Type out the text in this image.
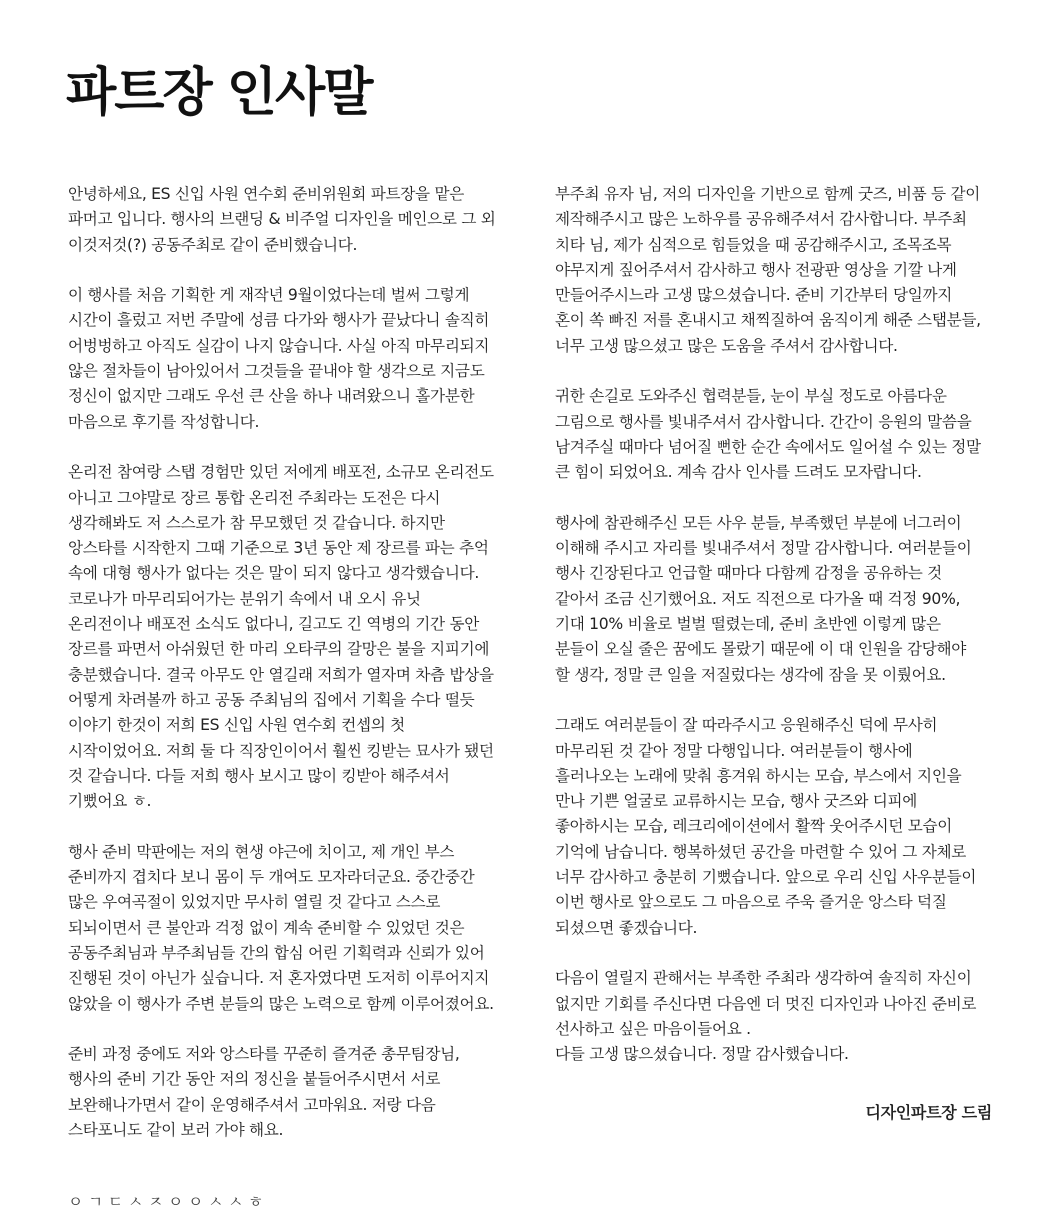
파트장 인사말
안녕하세요, ES 신입 사원 연수회 준비위원회 파트장을 맡은
파머고 입니다. 행사의 브랜딩 & 비주얼 디자인을 메인으로 그 외
이것저것(?) 공동주최로 같이 준비했습니다.
이 행사를 처음 기획한 게 재작년 9월이었다는데 벌써 그렇게
시간이 흘렀고 저번 주말에 성큼 다가와 행사가 끝났다니 솔직히
어벙벙하고 아직도 실감이 나지 않습니다. 사실 아직 마무리되지
않은 절차들이 남아있어서 그것들을 끝내야 할 생각으로 지금도
정신이 없지만 그래도 우선 큰 산을 하나 내려왔으니 홀가분한
마음으로 후기를 작성합니다.
온리전 참여랑 스탭 경험만 있던 저에게 배포전, 소규모 온리전도
아니고 그야말로 장르 통합 온리전 주최라는 도전은 다시
생각해봐도 저 스스로가 참 무모했던 것 같습니다. 하지만
앙스타를 시작한지 그때 기준으로 3년 동안 제 장르를 파는 추억
속에 대형 행사가 없다는 것은 말이 되지 않다고 생각했습니다.
코로나가 마무리되어가는 분위기 속에서 내 오시 유닛
온리전이나 배포전 소식도 없다니, 길고도 긴 역병의 기간 동안
장르를 파면서 아쉬웠던 한 마리 오타쿠의 갈망은 불을 지피기에
충분했습니다. 결국 아무도 안 열길래 저희가 열자며 차츰 밥상을
어떻게 차려볼까 하고 공동 주최님의 집에서 기획을 수다 떨듯
이야기 한것이 저희 ES 신입 사원 연수회 컨셉의 첫
시작이었어요. 저희 둘 다 직장인이어서 훨씬 킹받는 묘사가 됐던
것 같습니다. 다들 저희 행사 보시고 많이 킹받아 해주셔서
기뻤어요 ㅎ.
행사 준비 막판에는 저의 현생 야근에 치이고, 제 개인 부스
준비까지 겹치다 보니 몸이 두 개여도 모자라더군요. 중간중간
많은 우여곡절이 있었지만 무사히 열릴 것 같다고 스스로
되뇌이면서 큰 불안과 걱정 없이 계속 준비할 수 있었던 것은
공동주최님과 부주최님들 간의 합심 어린 기획력과 신뢰가 있어
진행된 것이 아닌가 싶습니다. 저 혼자였다면 도저히 이루어지지
않았을 이 행사가 주변 분들의 많은 노력으로 함께 이루어졌어요.
준비 과정 중에도 저와 앙스타를 꾸준히 즐겨준 총무팀장님,
행사의 준비 기간 동안 저의 정신을 붙들어주시면서 서로
보완해나가면서 같이 운영해주셔서 고마워요. 저랑 다음
스타포니도 같이 보러 가야 해요.
부주최 유자 님, 저의 디자인을 기반으로 함께 굿즈, 비품 등 같이
제작해주시고 많은 노하우를 공유해주셔서 감사합니다. 부주최
치타 님, 제가 심적으로 힘들었을 때 공감해주시고, 조목조목
야무지게 짚어주셔서 감사하고 행사 전광판 영상을 기깔 나게
만들어주시느라 고생 많으셨습니다. 준비 기간부터 당일까지
혼이 쏙 빠진 저를 혼내시고 채찍질하여 움직이게 해준 스탭분들,
너무 고생 많으셨고 많은 도움을 주셔서 감사합니다.
귀한 손길로 도와주신 협력분들, 눈이 부실 정도로 아름다운
그림으로 행사를 빛내주셔서 감사합니다. 간간이 응원의 말씀을
남겨주실 때마다 넘어질 뻔한 순간 속에서도 일어설 수 있는 정말
큰 힘이 되었어요. 계속 감사 인사를 드려도 모자랍니다.
행사에 참관해주신 모든 사우 분들, 부족했던 부분에 너그러이
이해해 주시고 자리를 빛내주셔서 정말 감사합니다. 여러분들이
행사 긴장된다고 언급할 때마다 다함께 감정을 공유하는 것
같아서 조금 신기했어요. 저도 직전으로 다가올 때 걱정 90%,
기대 10% 비율로 벌벌 떨렸는데, 준비 초반엔 이렇게 많은
분들이 오실 줄은 꿈에도 몰랐기 때문에 이 대 인원을 감당해야
할 생각, 정말 큰 일을 저질렀다는 생각에 잠을 못 이뤘어요.
그래도 여러분들이 잘 따라주시고 응원해주신 덕에 무사히
마무리된 것 같아 정말 다행입니다. 여러분들이 행사에
흘러나오는 노래에 맞춰 흥겨워 하시는 모습, 부스에서 지인을
만나 기쁜 얼굴로 교류하시는 모습, 행사 굿즈와 디피에
좋아하시는 모습, 레크리에이션에서 활짝 웃어주시던 모습이
기억에 남습니다. 행복하셨던 공간을 마련할 수 있어 그 자체로
너무 감사하고 충분히 기뻤습니다. 앞으로 우리 신입 사우분들이
이번 행사로 앞으로도 그 마음으로 주욱 즐거운 앙스타 덕질
되셨으면 좋겠습니다.
다음이 열릴지 관해서는 부족한 주최라 생각하여 솔직히 자신이
없지만 기회를 주신다면 다음엔 더 멋진 디자인과 나아진 준비로
선사하고 싶은 마음이들어요 .
다들 고생 많으셨습니다. 정말 감사했습니다.
디자인파트장 드림
ㅇ ㄱ ㄷ ㅅ ㅈ ㅇ ㅇ ㅅ ㅅ ㅎ
